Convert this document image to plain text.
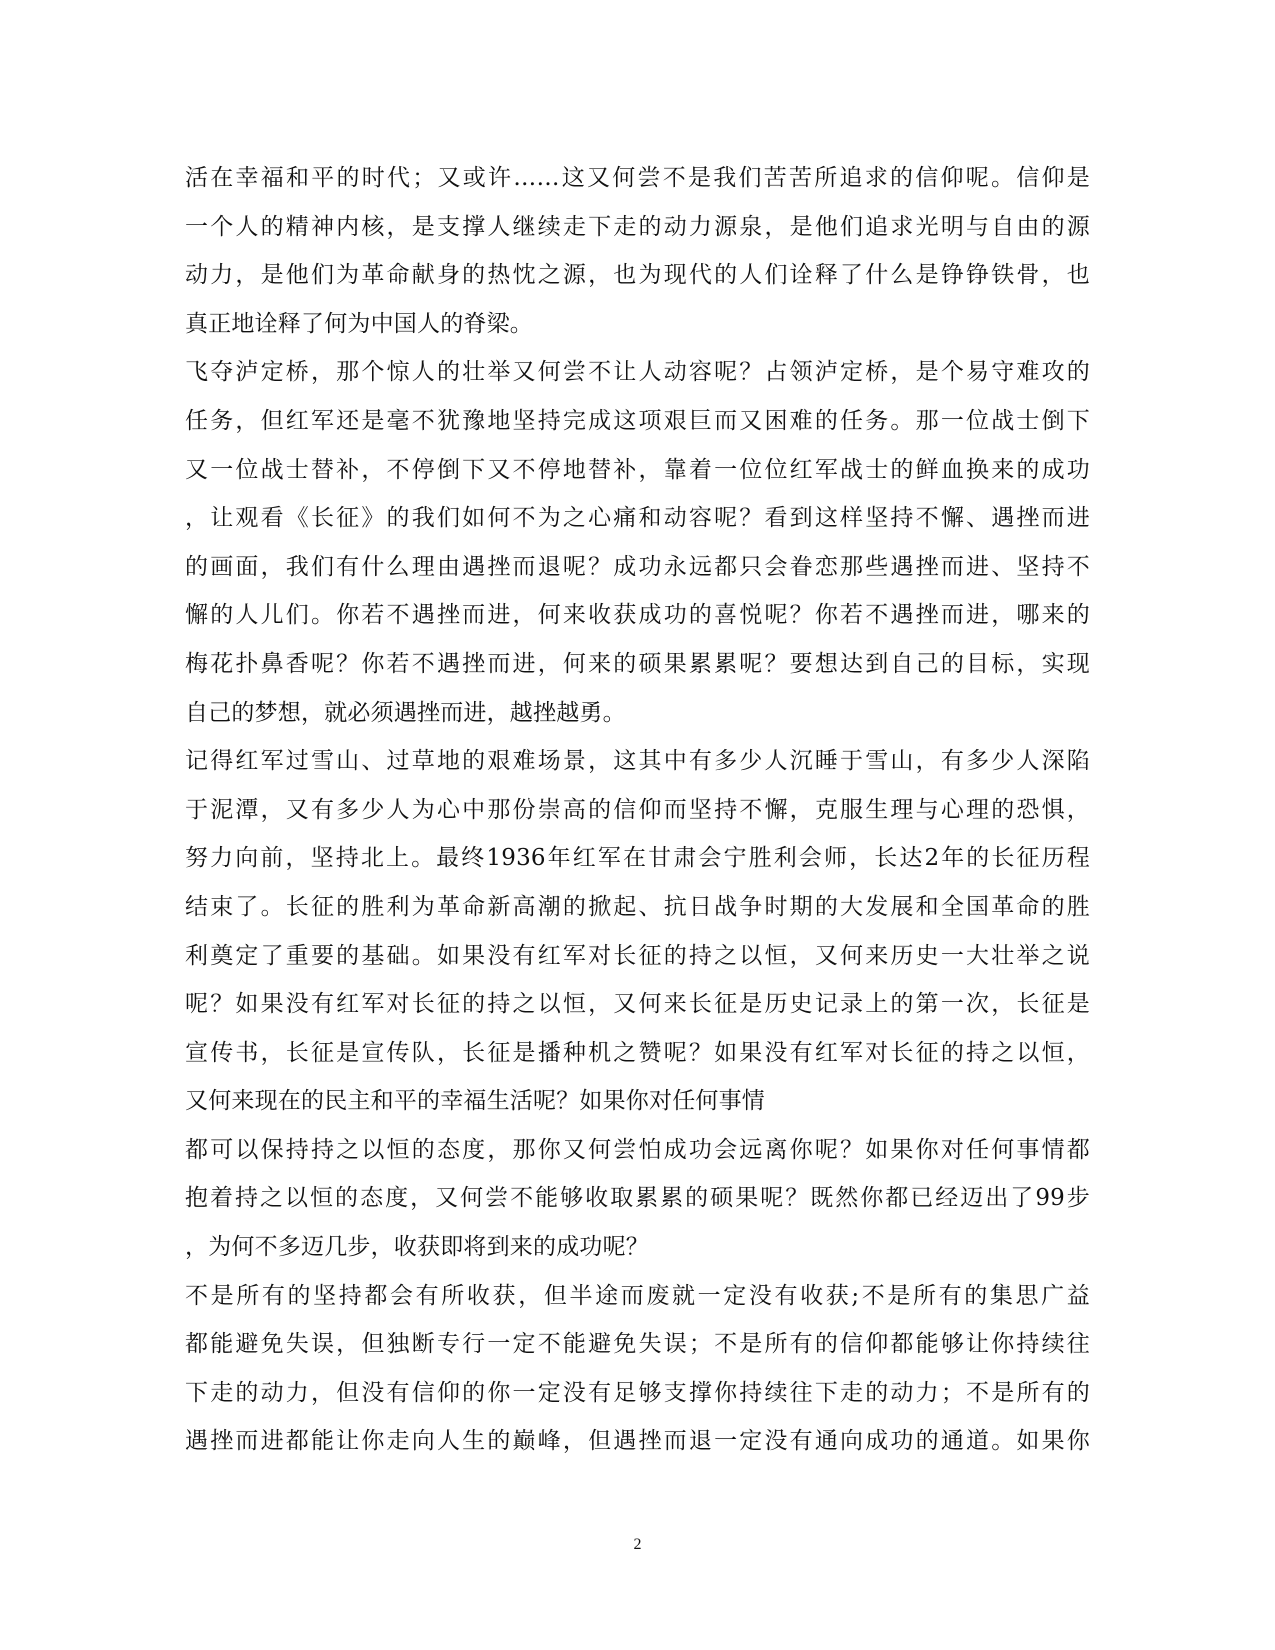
活在幸福和平的时代；又或许……这又何尝不是我们苦苦所追求的信仰呢。信仰是
一个人的精神内核，是支撑人继续走下走的动力源泉，是他们追求光明与自由的源
动力，是他们为革命献身的热忱之源，也为现代的人们诠释了什么是铮铮铁骨，也
真正地诠释了何为中国人的脊梁。
飞夺泸定桥，那个惊人的壮举又何尝不让人动容呢？占领泸定桥，是个易守难攻的
任务，但红军还是毫不犹豫地坚持完成这项艰巨而又困难的任务。那一位战士倒下
又一位战士替补，不停倒下又不停地替补，靠着一位位红军战士的鲜血换来的成功
，让观看《长征》的我们如何不为之心痛和动容呢？看到这样坚持不懈、遇挫而进
的画面，我们有什么理由遇挫而退呢？成功永远都只会眷恋那些遇挫而进、坚持不
懈的人儿们。你若不遇挫而进，何来收获成功的喜悦呢？你若不遇挫而进，哪来的
梅花扑鼻香呢？你若不遇挫而进，何来的硕果累累呢？要想达到自己的目标，实现
自己的梦想，就必须遇挫而进，越挫越勇。
记得红军过雪山、过草地的艰难场景，这其中有多少人沉睡于雪山，有多少人深陷
于泥潭，又有多少人为心中那份崇高的信仰而坚持不懈，克服生理与心理的恐惧，
努力向前，坚持北上。最终1936年红军在甘肃会宁胜利会师，长达2年的长征历程
结束了。长征的胜利为革命新高潮的掀起、抗日战争时期的大发展和全国革命的胜
利奠定了重要的基础。如果没有红军对长征的持之以恒，又何来历史一大壮举之说
呢？如果没有红军对长征的持之以恒，又何来长征是历史记录上的第一次，长征是
宣传书，长征是宣传队，长征是播种机之赞呢？如果没有红军对长征的持之以恒，
又何来现在的民主和平的幸福生活呢？如果你对任何事情
都可以保持持之以恒的态度，那你又何尝怕成功会远离你呢？如果你对任何事情都
抱着持之以恒的态度，又何尝不能够收取累累的硕果呢？既然你都已经迈出了99步
，为何不多迈几步，收获即将到来的成功呢？
不是所有的坚持都会有所收获，但半途而废就一定没有收获;不是所有的集思广益
都能避免失误，但独断专行一定不能避免失误；不是所有的信仰都能够让你持续往
下走的动力，但没有信仰的你一定没有足够支撑你持续往下走的动力；不是所有的
遇挫而进都能让你走向人生的巅峰，但遇挫而退一定没有通向成功的通道。如果你
2
